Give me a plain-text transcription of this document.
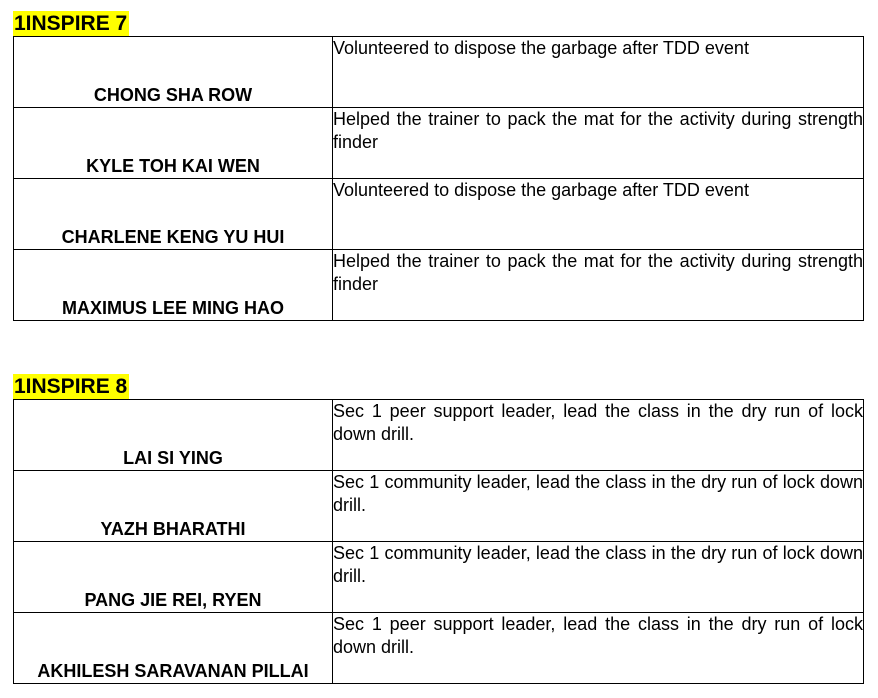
1INSPIRE 7
CHONG SHA ROW	Volunteered to dispose the garbage after TDD event
KYLE TOH KAI WEN	Helped the trainer to pack the mat for the activity during strength finder
CHARLENE KENG YU HUI	Volunteered to dispose the garbage after TDD event
MAXIMUS LEE MING HAO	Helped the trainer to pack the mat for the activity during strength finder
1INSPIRE 8
LAI SI YING	Sec 1 peer support leader, lead the class in the dry run of lock down drill.
YAZH BHARATHI	Sec 1 community leader, lead the class in the dry run of lock down drill.
PANG JIE REI, RYEN	Sec 1 community leader, lead the class in the dry run of lock down drill.
AKHILESH SARAVANAN PILLAI	Sec 1 peer support leader, lead the class in the dry run of lock down drill.
